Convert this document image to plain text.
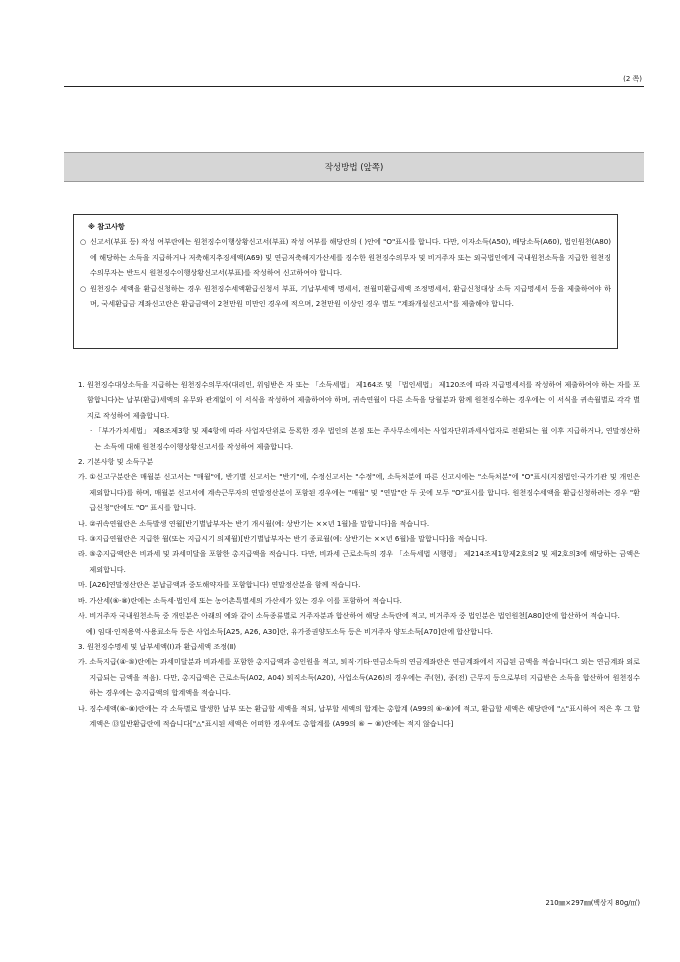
(2 쪽)
작성방법 (앞쪽)
※ 참고사항
○ 신고서(부표 등) 작성 여부란에는 원천징수이행상황신고서(부표) 작성 여부를 해당란의 ( )안에 "O"표시를 합니다. 다만, 이자소득(A50), 배당소득(A60), 법인원천(A80)에 해당하는 소득을 지급하거나 저축해지추징세액(A69) 및 연금저축해지가산세를 징수한 원천징수의무자 및 비거주자 또는 외국법인에게 국내원천소득을 지급한 원천징수의무자는 반드시 원천징수이행상황신고서(부표)를 작성하여 신고하여야 합니다.
○ 원천징수 세액을 환급신청하는 경우 원천징수세액환급신청서 부표, 기납부세액 명세서, 전월미환급세액 조정명세서, 환급신청대상 소득 지급명세서 등을 제출하여야 하며, 국세환급금 계좌신고란은 환급금액이 2천만원 미만인 경우에 적으며, 2천만원 이상인 경우 별도 "계좌개설신고서"를 제출해야 합니다.
1. 원천징수대상소득을 지급하는 원천징수의무자(대리인, 위임받은 자 또는 「소득세법」 제164조 및 「법인세법」 제120조에 따라 지급명세서를 작성하여 제출하여야 하는 자를 포함합니다)는 납부(환급)세액의 유무와 관계없이 이 서식을 작성하여 제출하여야 하며, 귀속연월이 다른 소득을 당월분과 함께 원천징수하는 경우에는 이 서식을 귀속월별로 각각 별지로 작성하여 제출합니다.
· 「부가가치세법」 제8조제3항 및 제4항에 따라 사업자단위로 등록한 경우 법인의 본점 또는 주사무소에서는 사업자단위과세사업자로 전환되는 월 이후 지급하거나, 연말정산하는 소득에 대해 원천징수이행상황신고서를 작성하여 제출합니다.
2. 기본사항 및 소득구분
가. ①신고구분란은 매월분 신고서는 "매월"에, 반기별 신고서는 "반기"에, 수정신고서는 "수정"에, 소득처분에 따른 신고시에는 "소득처분"에 "O"표시(지점법인·국가기관 및 개인은 제외합니다)를 하며, 매월분 신고서에 계속근무자의 연말정산분이 포함된 경우에는 "매월" 및 "연말"란 두 곳에 모두 "O"표시를 합니다. 원천징수세액을 환급신청하려는 경우 "환급신청"란에도 "O" 표시를 합니다.
나. ②귀속연월란은 소득발생 연월[반기별납부자는 반기 개시월(예: 상반기는 ××년 1월)을 말합니다]을 적습니다.
다. ③지급연월란은 지급한 월(또는 지급시기 의제월)[반기별납부자는 반기 종료월(예: 상반기는 ××년 6월)을 말합니다]을 적습니다.
라. ⑤총지급액란은 비과세 및 과세미달을 포함한 총지급액을 적습니다. 다만, 비과세 근로소득의 경우 「소득세법 시행령」 제214조제1항제2호의2 및 제2호의3에 해당하는 금액은 제외합니다.
마. [A26]연말정산란은 분납금액과 중도해약자를 포함합니다) 연말정산분을 함께 적습니다.
바. 가산세(⑥·⑧)란에는 소득세·법인세 또는 농어촌특별세의 가산세가 있는 경우 이를 포함하여 적습니다.
사. 비거주자 국내원천소득 중 개인분은 아래의 예와 같이 소득종류별로 거주자분과 합산하여 해당 소득란에 적고, 비거주자 중 법인분은 법인원천[A80]란에 합산하여 적습니다.
예) 임대·인적용역·사용료소득 등은 사업소득[A25, A26, A30]란, 유가증권양도소득 등은 비거주자 양도소득[A70]란에 합산합니다.
3. 원천징수명세 및 납부세액(Ⅰ)과 환급세액 조정(Ⅱ)
가. 소득지급(④·⑤)란에는 과세미달분과 비과세를 포함한 총지급액과 총인원을 적고, 퇴직·기타·연금소득의 연금계좌란은 연금계좌에서 지급된 금액을 적습니다(그 외는 연금계좌 외로 지급되는 금액을 적음). 다만, 총지급액은 근로소득(A02, A04) 퇴직소득(A20), 사업소득(A26)의 경우에는 주(현), 종(전) 근무지 등으로부터 지급받은 소득을 합산하여 원천징수하는 경우에는 총지급액의 합계액을 적습니다.
나. 징수세액(⑥-⑧)란에는 각 소득별로 발생한 납부 또는 환급할 세액을 적되, 납부할 세액의 합계는 총합계 (A99의 ⑥-⑧)에 적고, 환급할 세액은 해당란에 "△"표시하여 적은 후 그 합계액은 ⑬일반환급란에 적습니다["△"표시된 세액은 어떠한 경우에도 총합계를 (A99의 ⑥ ~ ⑧)란에는 적지 않습니다]
210㎜×297㎜(백상지 80g/㎡)
